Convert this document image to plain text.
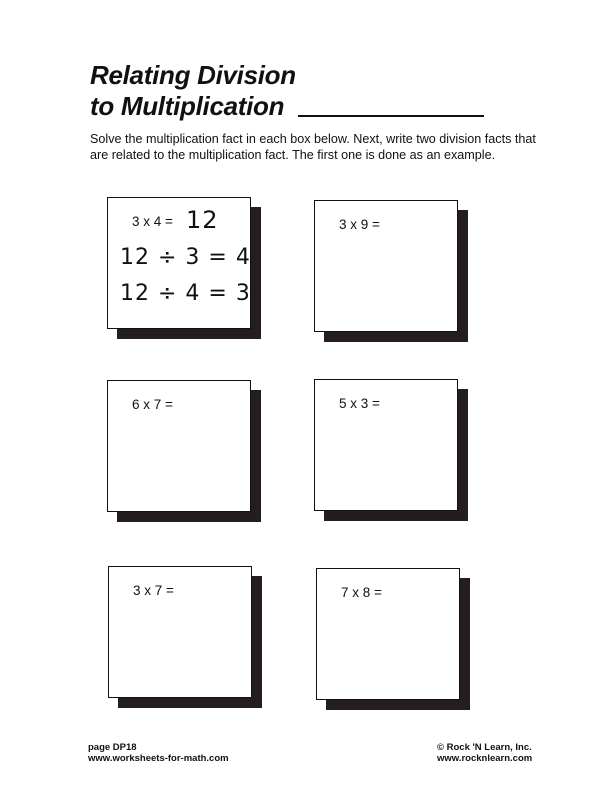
Relating Division
to Multiplication

Solve the multiplication fact in each box below. Next, write two division facts that are related to the multiplication fact. The first one is done as an example.

3 x 4 = 12
12 ÷ 3 = 4
12 ÷ 4 = 3
3 x 9 =
6 x 7 =	5 x 3 =
3 x 7 =	7 x 8 =
page DP18
www.worksheets-for-math.com
© Rock 'N Learn, Inc.
www.rocknlearn.com
